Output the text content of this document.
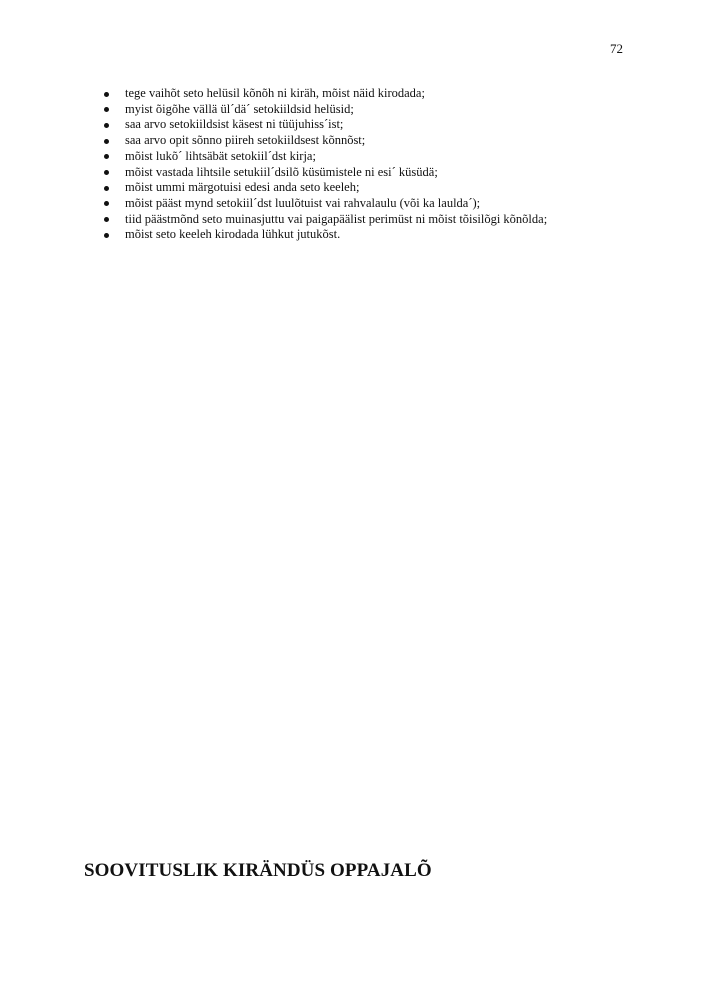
72
tege vaihõt seto helüsil kõnõh ni kiräh, mõist näid kirodada;
myist õigõhe vällä ül´dä´ setokiildsid helüsid;
saa arvo setokiildsist käsest ni tüüjuhiss´ist;
saa arvo opit sõnno piireh setokiildsest kõnnõst;
mõist lukõ´ lihtsäbät setokiil´dst kirja;
mõist vastada lihtsile setukiil´dsilõ küsümistele ni esi´ küsüdä;
mõist ummi märgotuisi edesi anda seto keeleh;
mõist pääst mynd setokiil´dst luulõtuist vai rahvalaulu (või ka laulda´);
tiid päästmõnd seto muinasjuttu vai paigapäälist perimüst ni mõist tõisilõgi kõnõlda;
mõist seto keeleh kirodada lühkut jutukõst.
SOOVITUSLIK KIRÄNDÜS OPPAJALÕ
